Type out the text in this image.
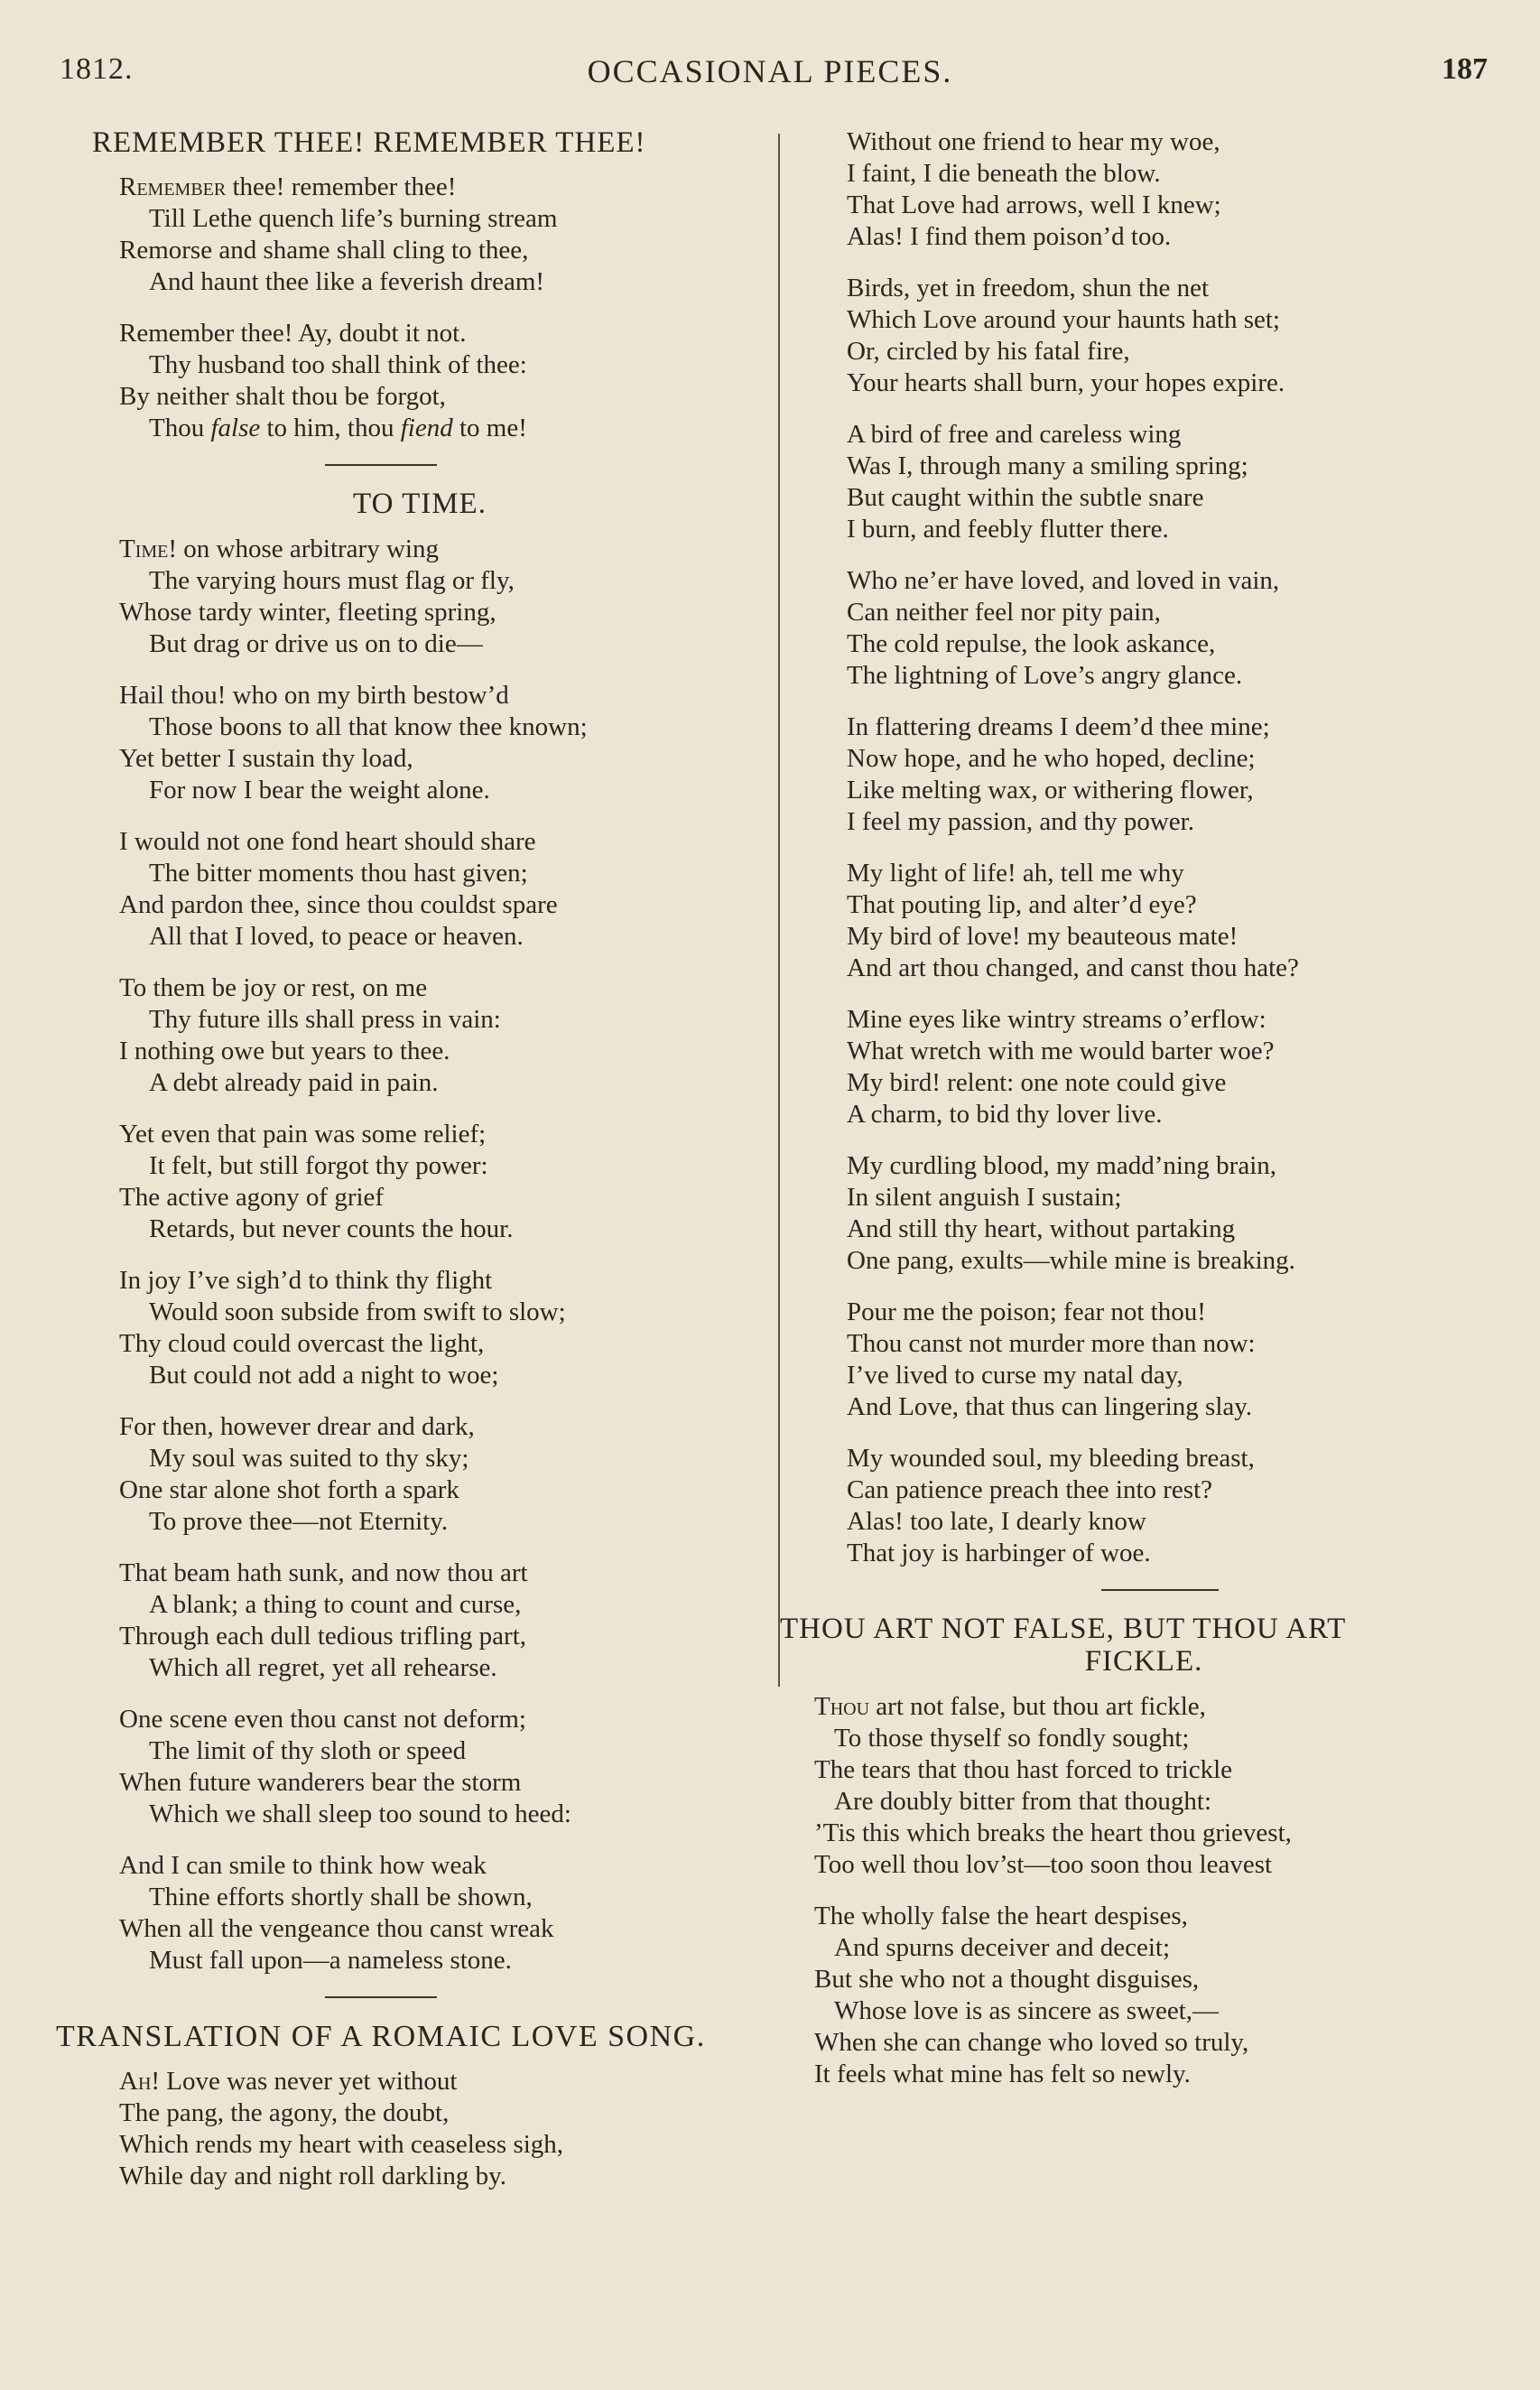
1812.	OCCASIONAL PIECES.	187
REMEMBER THEE! REMEMBER THEE!
Remember thee! remember thee!
Till Lethe quench life’s burning stream
Remorse and shame shall cling to thee,
And haunt thee like a feverish dream!
Remember thee! Ay, doubt it not.
Thy husband too shall think of thee:
By neither shalt thou be forgot,
Thou false to him, thou fiend to me!
TO TIME.
Time! on whose arbitrary wing
The varying hours must flag or fly,
Whose tardy winter, fleeting spring,
But drag or drive us on to die—
Hail thou! who on my birth bestow’d
Those boons to all that know thee known;
Yet better I sustain thy load,
For now I bear the weight alone.
I would not one fond heart should share
The bitter moments thou hast given;
And pardon thee, since thou couldst spare
All that I loved, to peace or heaven.
To them be joy or rest, on me
Thy future ills shall press in vain:
I nothing owe but years to thee.
A debt already paid in pain.
Yet even that pain was some relief;
It felt, but still forgot thy power:
The active agony of grief
Retards, but never counts the hour.
In joy I’ve sigh’d to think thy flight
Would soon subside from swift to slow;
Thy cloud could overcast the light,
But could not add a night to woe;
For then, however drear and dark,
My soul was suited to thy sky;
One star alone shot forth a spark
To prove thee—not Eternity.
That beam hath sunk, and now thou art
A blank; a thing to count and curse,
Through each dull tedious trifling part,
Which all regret, yet all rehearse.
One scene even thou canst not deform;
The limit of thy sloth or speed
When future wanderers bear the storm
Which we shall sleep too sound to heed:
And I can smile to think how weak
Thine efforts shortly shall be shown,
When all the vengeance thou canst wreak
Must fall upon—a nameless stone.
TRANSLATION OF A ROMAIC LOVE SONG.
Ah! Love was never yet without
The pang, the agony, the doubt,
Which rends my heart with ceaseless sigh,
While day and night roll darkling by.
Without one friend to hear my woe,
I faint, I die beneath the blow.
That Love had arrows, well I knew;
Alas! I find them poison’d too.
Birds, yet in freedom, shun the net
Which Love around your haunts hath set;
Or, circled by his fatal fire,
Your hearts shall burn, your hopes expire.
A bird of free and careless wing
Was I, through many a smiling spring;
But caught within the subtle snare
I burn, and feebly flutter there.
Who ne’er have loved, and loved in vain,
Can neither feel nor pity pain,
The cold repulse, the look askance,
The lightning of Love’s angry glance.
In flattering dreams I deem’d thee mine;
Now hope, and he who hoped, decline;
Like melting wax, or withering flower,
I feel my passion, and thy power.
My light of life! ah, tell me why
That pouting lip, and alter’d eye?
My bird of love! my beauteous mate!
And art thou changed, and canst thou hate?
Mine eyes like wintry streams o’erflow:
What wretch with me would barter woe?
My bird! relent: one note could give
A charm, to bid thy lover live.
My curdling blood, my madd’ning brain,
In silent anguish I sustain;
And still thy heart, without partaking
One pang, exults—while mine is breaking.
Pour me the poison; fear not thou!
Thou canst not murder more than now:
I’ve lived to curse my natal day,
And Love, that thus can lingering slay.
My wounded soul, my bleeding breast,
Can patience preach thee into rest?
Alas! too late, I dearly know
That joy is harbinger of woe.
THOU ART NOT FALSE, BUT THOU ART
FICKLE.
Thou art not false, but thou art fickle,
To those thyself so fondly sought;
The tears that thou hast forced to trickle
Are doubly bitter from that thought:
’Tis this which breaks the heart thou grievest,
Too well thou lov’st—too soon thou leavest
The wholly false the heart despises,
And spurns deceiver and deceit;
But she who not a thought disguises,
Whose love is as sincere as sweet,—
When she can change who loved so truly,
It feels what mine has felt so newly.
